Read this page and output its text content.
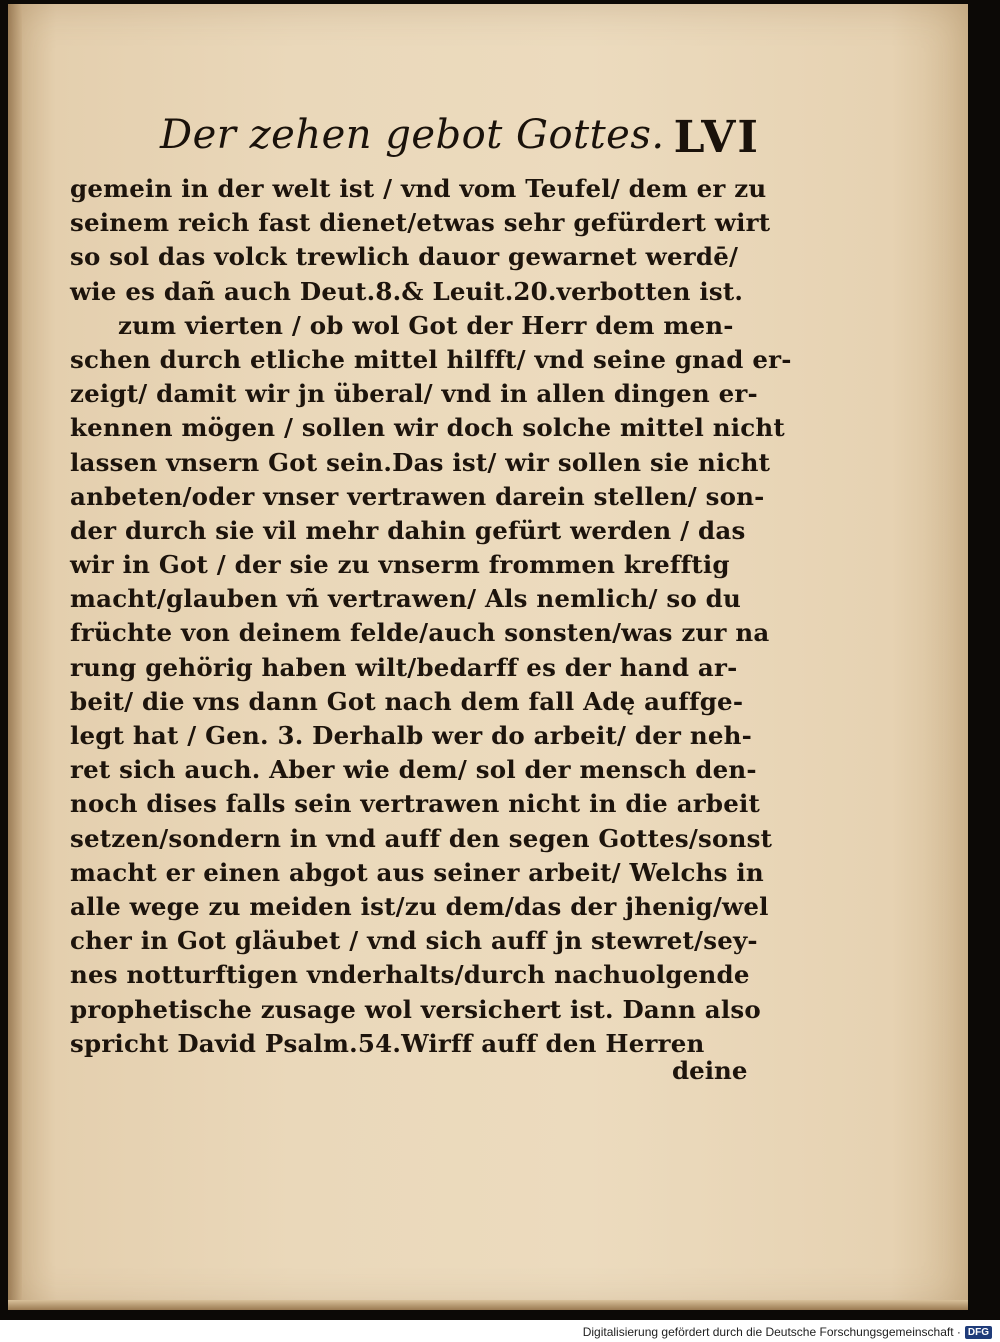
Der zehen gebot Gottes. LVI
gemein in der welt ist / vnd vom Teufel/ dem er zu
seinem reich fast dienet/etwas sehr gefürdert wirt
so sol das volck trewlich dauor gewarnet werdē/
wie es dañ auch Deut.8.& Leuit.20.verbotten ist.
zum vierten / ob wol Got der Herr dem men‐
schen durch etliche mittel hilfft/ vnd seine gnad er‐
zeigt/ damit wir jn überal/ vnd in allen dingen er‐
kennen mögen / sollen wir doch solche mittel nicht
lassen vnsern Got sein.Das ist/ wir sollen sie nicht
anbeten/oder vnser vertrawen darein stellen/ son‐
der durch sie vil mehr dahin gefürt werden / das
wir in Got / der sie zu vnserm frommen krefftig
macht/glauben vñ vertrawen/ Als nemlich/ so du
früchte von deinem felde/auch sonsten/was zur na
rung gehörig haben wilt/bedarff es der hand ar‐
beit/ die vns dann Got nach dem fall Adę auffge‐
legt hat / Gen. 3. Derhalb wer do arbeit/ der neh‐
ret sich auch. Aber wie dem/ sol der mensch den‐
noch dises falls sein vertrawen nicht in die arbeit
setzen/sondern in vnd auff den segen Gottes/sonst
macht er einen abgot aus seiner arbeit/ Welchs in
alle wege zu meiden ist/zu dem/das der jhenig/wel
cher in Got gläubet / vnd sich auff jn stewret/sey‐
nes notturftigen vnderhalts/durch nachuolgende
prophetische zusage wol versichert ist. Dann also
spricht David Psalm.54.Wirff auff den Herren
deine
Digitalisierung gefördert durch die Deutsche Forschungsgemeinschaft · DFG
